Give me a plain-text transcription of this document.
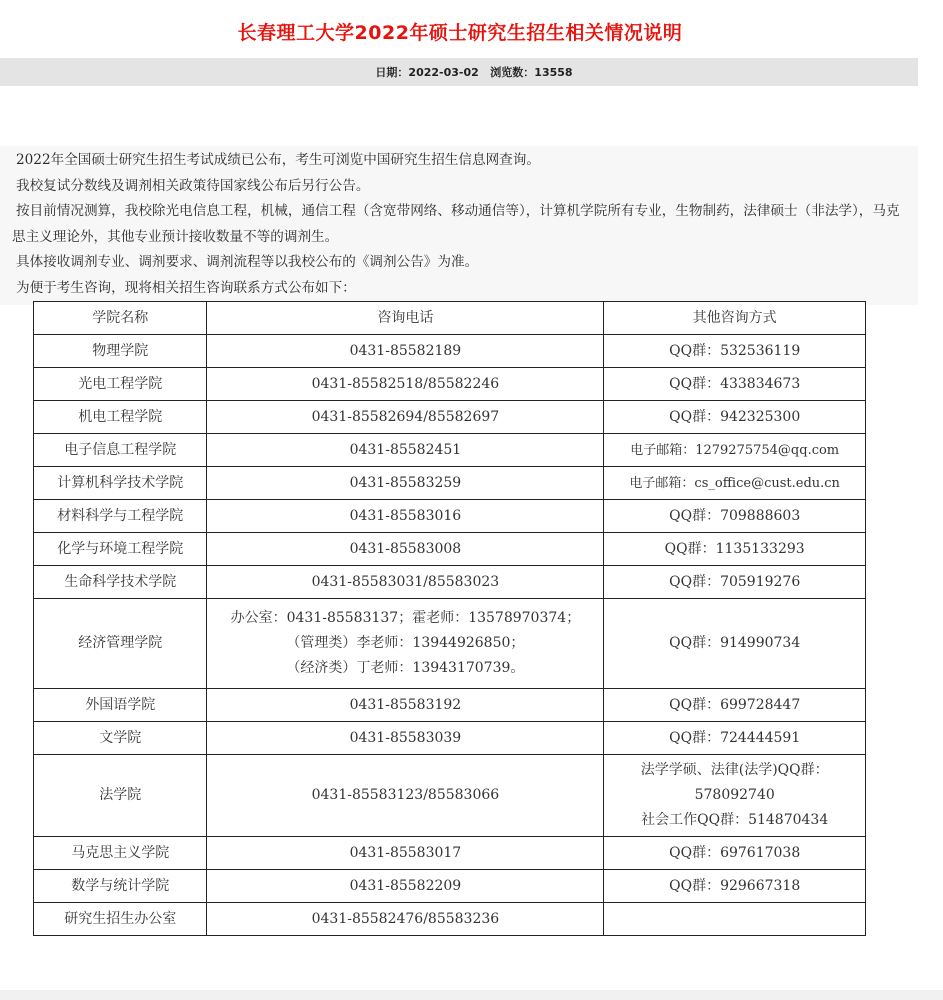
长春理工大学2022年硕士研究生招生相关情况说明
日期： 2022-03-02
浏览数： 13558

2022年全国硕士研究生招生考试成绩已公布，考生可浏览中国研究生招生信息网查询。

我校复试分数线及调剂相关政策待国家线公布后另行公告。

按目前情况测算，我校除光电信息工程，机械，通信工程（含宽带网络、移动通信等），计算机学院所有专业，生物制药，法律硕士（非法学），马克思主义理论外，其他专业预计接收数量不等的调剂生。

具体接收调剂专业、调剂要求、调剂流程等以我校公布的《调剂公告》为准。

为便于考生咨询，现将相关招生咨询联系方式公布如下：

学院名称	咨询电话	其他咨询方式
物理学院	0431-85582189	QQ群：532536119
光电工程学院	0431-85582518/85582246	QQ群：433834673
机电工程学院	0431-85582694/85582697	QQ群：942325300
电子信息工程学院	0431-85582451	电子邮箱：1279275754@qq.com
计算机科学技术学院	0431-85583259	电子邮箱：cs_office@cust.edu.cn
材料科学与工程学院	0431-85583016	QQ群：709888603
化学与环境工程学院	0431-85583008	QQ群：1135133293
生命科学技术学院	0431-85583031/85583023	QQ群：705919276
经济管理学院	办公室：0431-85583137；霍老师：13578970374；
（管理类）李老师：13944926850；
（经济类）丁老师：13943170739。	QQ群：914990734
外国语学院	0431-85583192	QQ群：699728447
文学院	0431-85583039	QQ群：724444591
法学院	0431-85583123/85583066	法学学硕、法律(法学)QQ群：
578092740
社会工作QQ群：514870434

马克思主义学院	0431-85583017	QQ群：697617038
数学与统计学院	0431-85582209	QQ群：929667318
研究生招生办公室	0431-85582476/85583236	
